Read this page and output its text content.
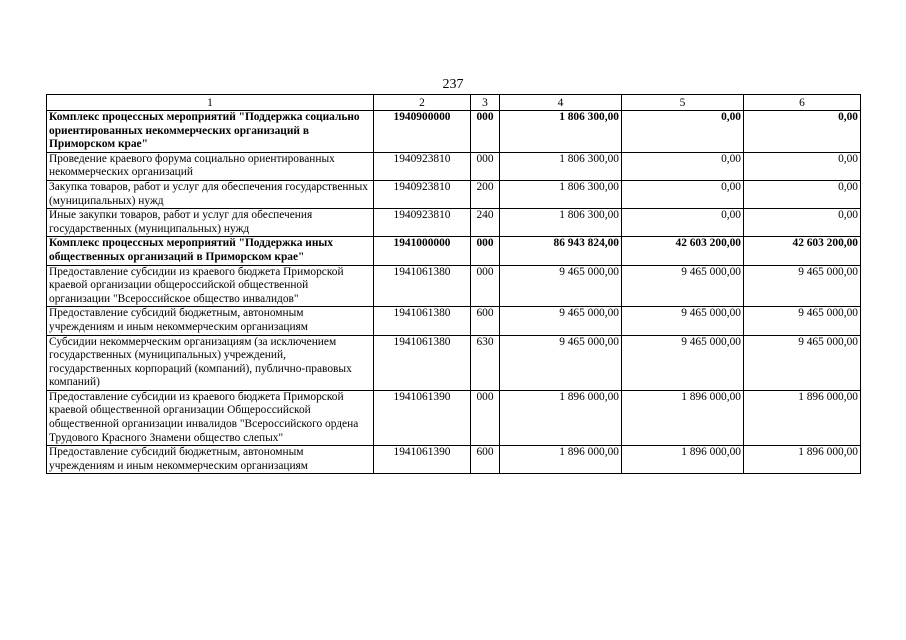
237
1	2	3	4	5	6
Комплекс процессных мероприятий "Поддержка социально ориентированных некоммерческих организаций в Приморском крае"	1940900000	000	1 806 300,00	0,00	0,00
Проведение краевого форума социально ориентированных некоммерческих организаций	1940923810	000	1 806 300,00	0,00	0,00
Закупка товаров, работ и услуг для обеспечения государственных (муниципальных) нужд	1940923810	200	1 806 300,00	0,00	0,00
Иные закупки товаров, работ и услуг для обеспечения государственных (муниципальных) нужд	1940923810	240	1 806 300,00	0,00	0,00
Комплекс процессных мероприятий "Поддержка иных общественных организаций в Приморском крае"	1941000000	000	86 943 824,00	42 603 200,00	42 603 200,00
Предоставление субсидии из краевого бюджета Приморской краевой организации общероссийской общественной организации "Всероссийское общество инвалидов"	1941061380	000	9 465 000,00	9 465 000,00	9 465 000,00
Предоставление субсидий бюджетным, автономным учреждениям и иным некоммерческим организациям	1941061380	600	9 465 000,00	9 465 000,00	9 465 000,00
Субсидии некоммерческим организациям (за исключением государственных (муниципальных) учреждений, государственных корпораций (компаний), публично-правовых компаний)	1941061380	630	9 465 000,00	9 465 000,00	9 465 000,00
Предоставление субсидии из краевого бюджета Приморской краевой общественной организации Общероссийской общественной организации инвалидов "Всероссийского ордена Трудового Красного Знамени общество слепых"	1941061390	000	1 896 000,00	1 896 000,00	1 896 000,00
Предоставление субсидий бюджетным, автономным учреждениям и иным некоммерческим организациям	1941061390	600	1 896 000,00	1 896 000,00	1 896 000,00
